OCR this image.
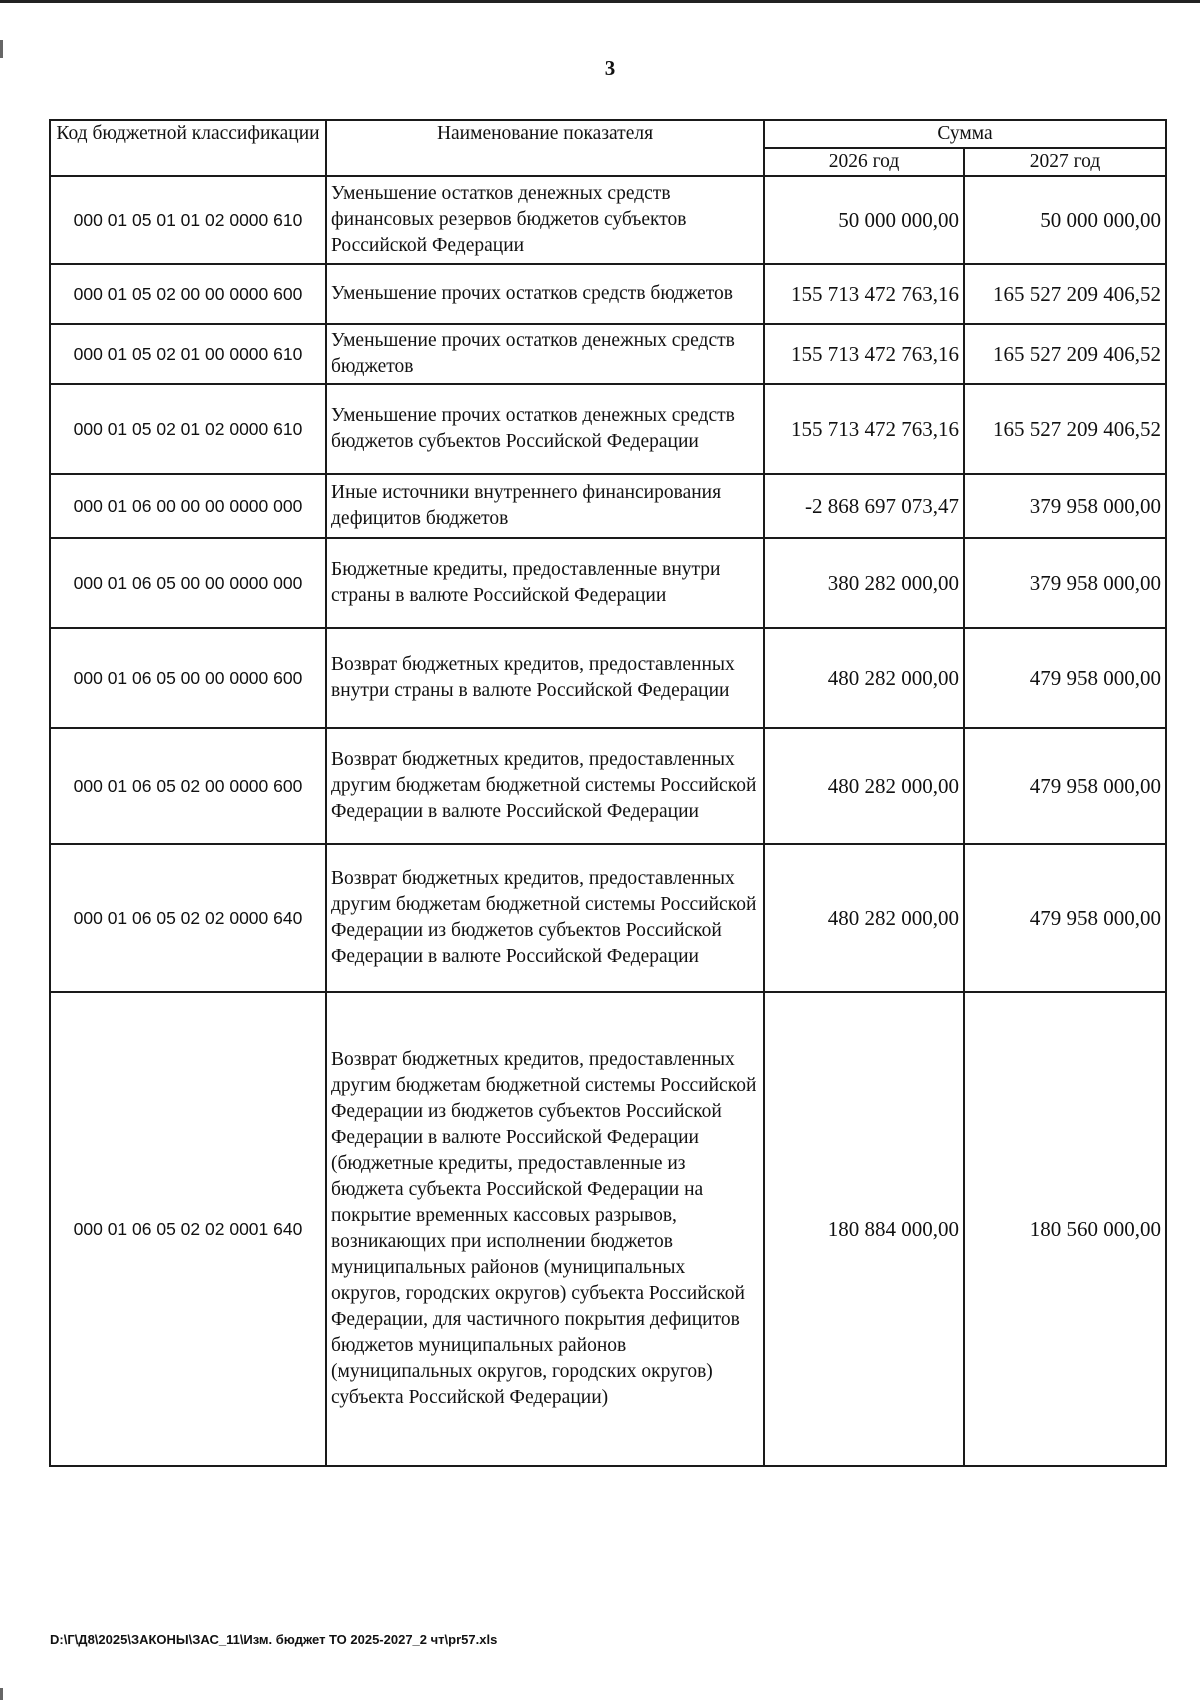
3
Код бюджетной классификации	Наименование показателя	Сумма	
		2026 год	2027 год
000 01 05 01 01 02 0000 610	Уменьшение остатков денежных средств финансовых резервов бюджетов субъектов Российской Федерации	50 000 000,00	50 000 000,00
000 01 05 02 00 00 0000 600	Уменьшение прочих остатков средств бюджетов	155 713 472 763,16	165 527 209 406,52
000 01 05 02 01 00 0000 610	Уменьшение прочих остатков денежных средств бюджетов	155 713 472 763,16	165 527 209 406,52
000 01 05 02 01 02 0000 610	Уменьшение прочих остатков денежных средств бюджетов субъектов Российской Федерации	155 713 472 763,16	165 527 209 406,52
000 01 06 00 00 00 0000 000	Иные источники внутреннего финансирования дефицитов бюджетов	-2 868 697 073,47	379 958 000,00
000 01 06 05 00 00 0000 000	Бюджетные кредиты, предоставленные внутри страны в валюте Российской Федерации	380 282 000,00	379 958 000,00
000 01 06 05 00 00 0000 600	Возврат бюджетных кредитов, предоставленных внутри страны в валюте Российской Федерации	480 282 000,00	479 958 000,00
000 01 06 05 02 00 0000 600	Возврат бюджетных кредитов, предоставленных другим бюджетам бюджетной системы Российской Федерации в валюте Российской Федерации	480 282 000,00	479 958 000,00
000 01 06 05 02 02 0000 640	Возврат бюджетных кредитов, предоставленных другим бюджетам бюджетной системы Российской Федерации из бюджетов субъектов Российской Федерации в валюте Российской Федерации	480 282 000,00	479 958 000,00
000 01 06 05 02 02 0001 640	Возврат бюджетных кредитов, предоставленных другим бюджетам бюджетной системы Российской Федерации из бюджетов субъектов Российской Федерации в валюте Российской Федерации (бюджетные кредиты, предоставленные из бюджета субъекта Российской Федерации на покрытие временных кассовых разрывов, возникающих при исполнении бюджетов муниципальных районов (муниципальных округов, городских округов) субъекта Российской Федерации, для частичного покрытия дефицитов бюджетов муниципальных районов (муниципальных округов, городских округов) субъекта Российской Федерации)	180 884 000,00	180 560 000,00
D:\Г\Д8\2025\ЗАКОНЫ\ЗАС_11\Изм. бюджет ТО 2025-2027_2 чт\pr57.xls
